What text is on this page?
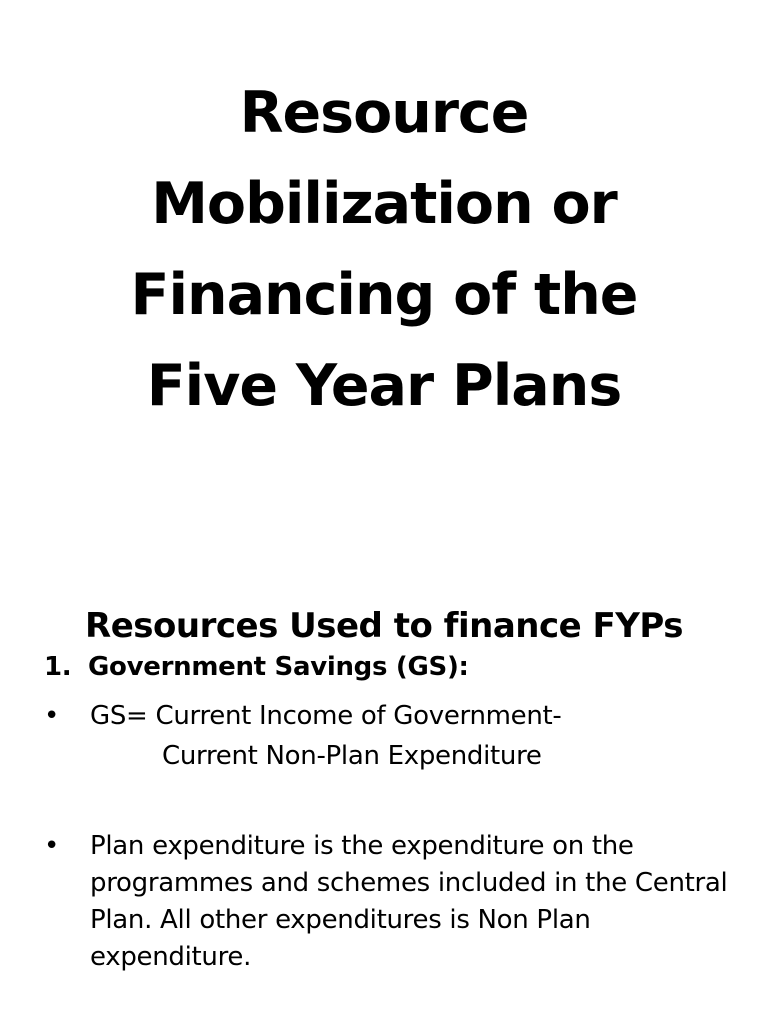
Resource
Mobilization or
Financing of the
Five Year Plans
Resources Used to finance FYPs
1. Government Savings (GS):
• GS= Current Income of Government-
Current Non-Plan Expenditure
• Plan expenditure is the expenditure on the programmes and schemes included in the Central Plan. All other expenditures is Non Plan expenditure.
